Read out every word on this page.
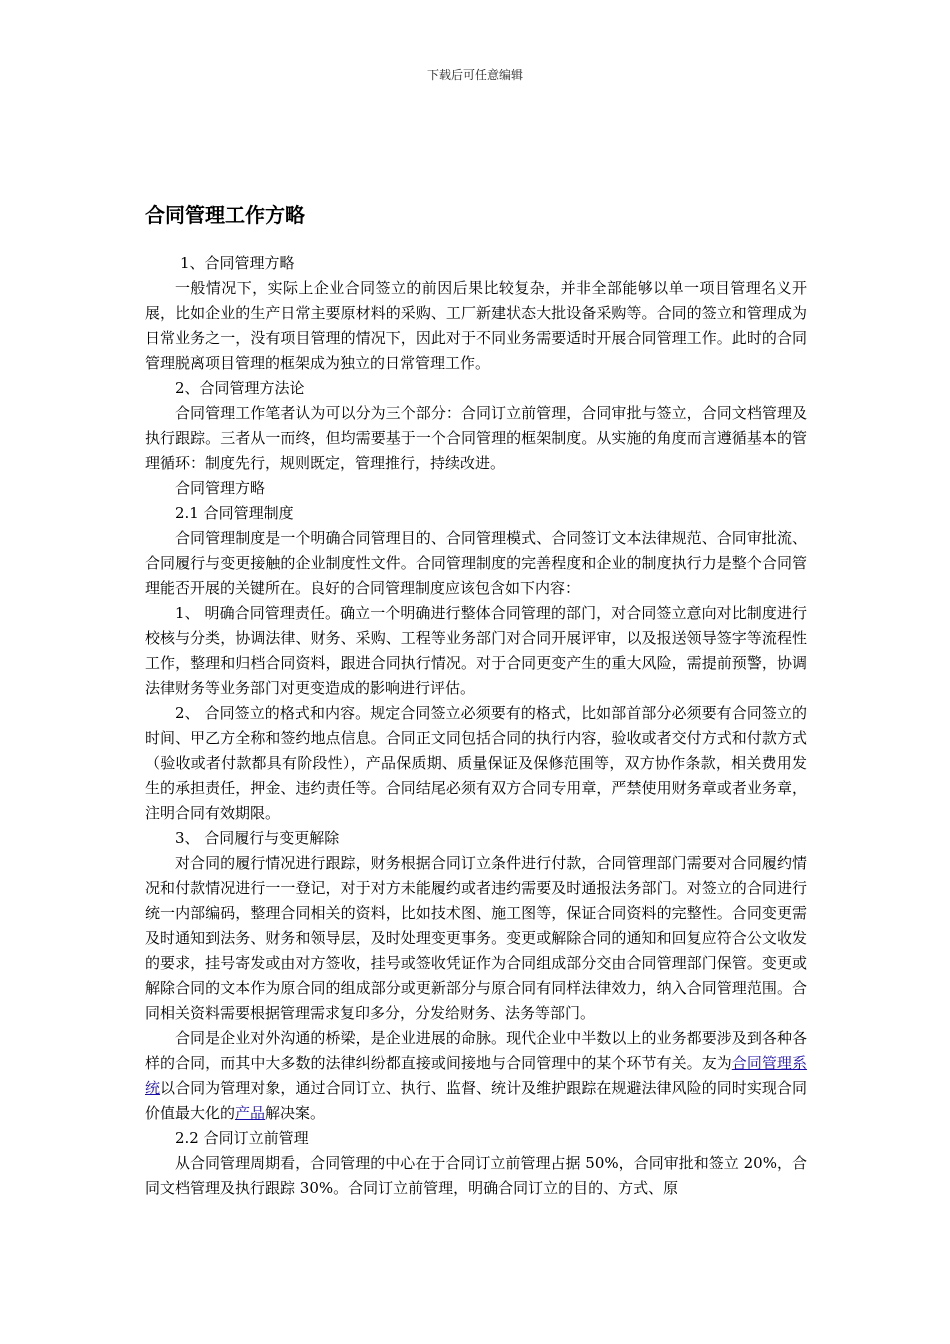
下载后可任意编辑
合同管理工作方略

1、合同管理方略

一般情况下，实际上企业合同签立的前因后果比较复杂，并非全部能够以单一项目管理名义开展，比如企业的生产日常主要原材料的采购、工厂新建状态大批设备采购等。合同的签立和管理成为日常业务之一，没有项目管理的情况下，因此对于不同业务需要适时开展合同管理工作。此时的合同管理脱离项目管理的框架成为独立的日常管理工作。

2、合同管理方法论

合同管理工作笔者认为可以分为三个部分：合同订立前管理，合同审批与签立，合同文档管理及执行跟踪。三者从一而终，但均需要基于一个合同管理的框架制度。从实施的角度而言遵循基本的管理循环：制度先行，规则既定，管理推行，持续改进。

合同管理方略

2.1 合同管理制度

合同管理制度是一个明确合同管理目的、合同管理模式、合同签订文本法律规范、合同审批流、合同履行与变更接触的企业制度性文件。合同管理制度的完善程度和企业的制度执行力是整个合同管理能否开展的关键所在。良好的合同管理制度应该包含如下内容：

1、 明确合同管理责任。确立一个明确进行整体合同管理的部门，对合同签立意向对比制度进行校核与分类，协调法律、财务、采购、工程等业务部门对合同开展评审，以及报送领导签字等流程性工作，整理和归档合同资料，跟进合同执行情况。对于合同更变产生的重大风险，需提前预警，协调法律财务等业务部门对更变造成的影响进行评估。

2、 合同签立的格式和内容。规定合同签立必须要有的格式，比如部首部分必须要有合同签立的时间、甲乙方全称和签约地点信息。合同正文同包括合同的执行内容，验收或者交付方式和付款方式（验收或者付款都具有阶段性），产品保质期、质量保证及保修范围等，双方协作条款，相关费用发生的承担责任，押金、违约责任等。合同结尾必须有双方合同专用章，严禁使用财务章或者业务章，注明合同有效期限。

3、 合同履行与变更解除

对合同的履行情况进行跟踪，财务根据合同订立条件进行付款，合同管理部门需要对合同履约情况和付款情况进行一一登记，对于对方未能履约或者违约需要及时通报法务部门。对签立的合同进行统一内部编码，整理合同相关的资料，比如技术图、施工图等，保证合同资料的完整性。合同变更需及时通知到法务、财务和领导层，及时处理变更事务。变更或解除合同的通知和回复应符合公文收发的要求，挂号寄发或由对方签收，挂号或签收凭证作为合同组成部分交由合同管理部门保管。变更或解除合同的文本作为原合同的组成部分或更新部分与原合同有同样法律效力，纳入合同管理范围。合同相关资料需要根据管理需求复印多分，分发给财务、法务等部门。

合同是企业对外沟通的桥梁，是企业进展的命脉。现代企业中半数以上的业务都要涉及到各种各样的合同，而其中大多数的法律纠纷都直接或间接地与合同管理中的某个环节有关。友为合同管理系统以合同为管理对象，通过合同订立、执行、监督、统计及维护跟踪在规避法律风险的同时实现合同价值最大化的产品解决案。

2.2 合同订立前管理

从合同管理周期看，合同管理的中心在于合同订立前管理占据 50%，合同审批和签立 20%，合同文档管理及执行跟踪 30%。合同订立前管理，明确合同订立的目的、方式、原
